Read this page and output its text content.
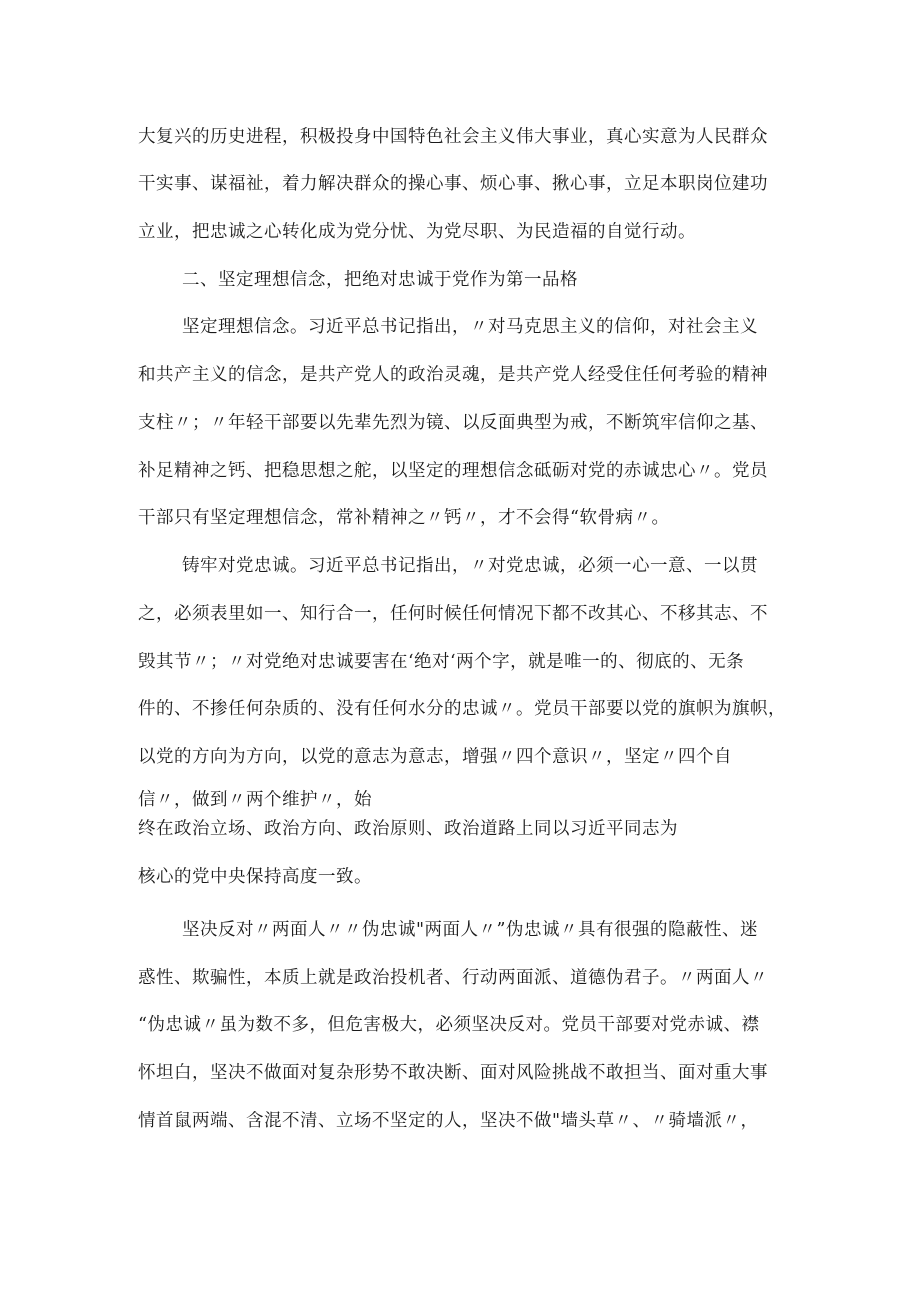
大复兴的历史进程，积极投身中国特色社会主义伟大事业，真心实意为人民群众
干实事、谋福祉，着力解决群众的操心事、烦心事、揪心事，立足本职岗位建功
立业，把忠诚之心转化成为党分忧、为党尽职、为民造福的自觉行动。
二、坚定理想信念，把绝对忠诚于党作为第一品格
坚定理想信念。习近平总书记指出，〃对马克思主义的信仰，对社会主义
和共产主义的信念，是共产党人的政治灵魂，是共产党人经受住任何考验的精神
支柱〃；〃年轻干部要以先辈先烈为镜、以反面典型为戒，不断筑牢信仰之基、
补足精神之钙、把稳思想之舵，以坚定的理想信念砥砺对党的赤诚忠心〃。党员
干部只有坚定理想信念，常补精神之〃钙〃，才不会得“软骨病〃。
铸牢对党忠诚。习近平总书记指出，〃对党忠诚，必须一心一意、一以贯
之，必须表里如一、知行合一，任何时候任何情况下都不改其心、不移其志、不
毁其节〃；〃对党绝对忠诚要害在‘绝对‘两个字，就是唯一的、彻底的、无条
件的、不掺任何杂质的、没有任何水分的忠诚〃。党员干部要以党的旗帜为旗帜，
以党的方向为方向，以党的意志为意志，增强〃四个意识〃，坚定〃四个自
信〃，做到〃两个维护〃，始
终在政治立场、政治方向、政治原则、政治道路上同以习近平同志为
核心的党中央保持高度一致。
坚决反对〃两面人〃〃伪忠诚"两面人〃”伪忠诚〃具有很强的隐蔽性、迷
惑性、欺骗性，本质上就是政治投机者、行动两面派、道德伪君子。〃两面人〃
“伪忠诚〃虽为数不多，但危害极大，必须坚决反对。党员干部要对党赤诚、襟
怀坦白，坚决不做面对复杂形势不敢决断、面对风险挑战不敢担当、面对重大事
情首鼠两端、含混不清、立场不坚定的人，坚决不做"墙头草〃、〃骑墙派〃，
